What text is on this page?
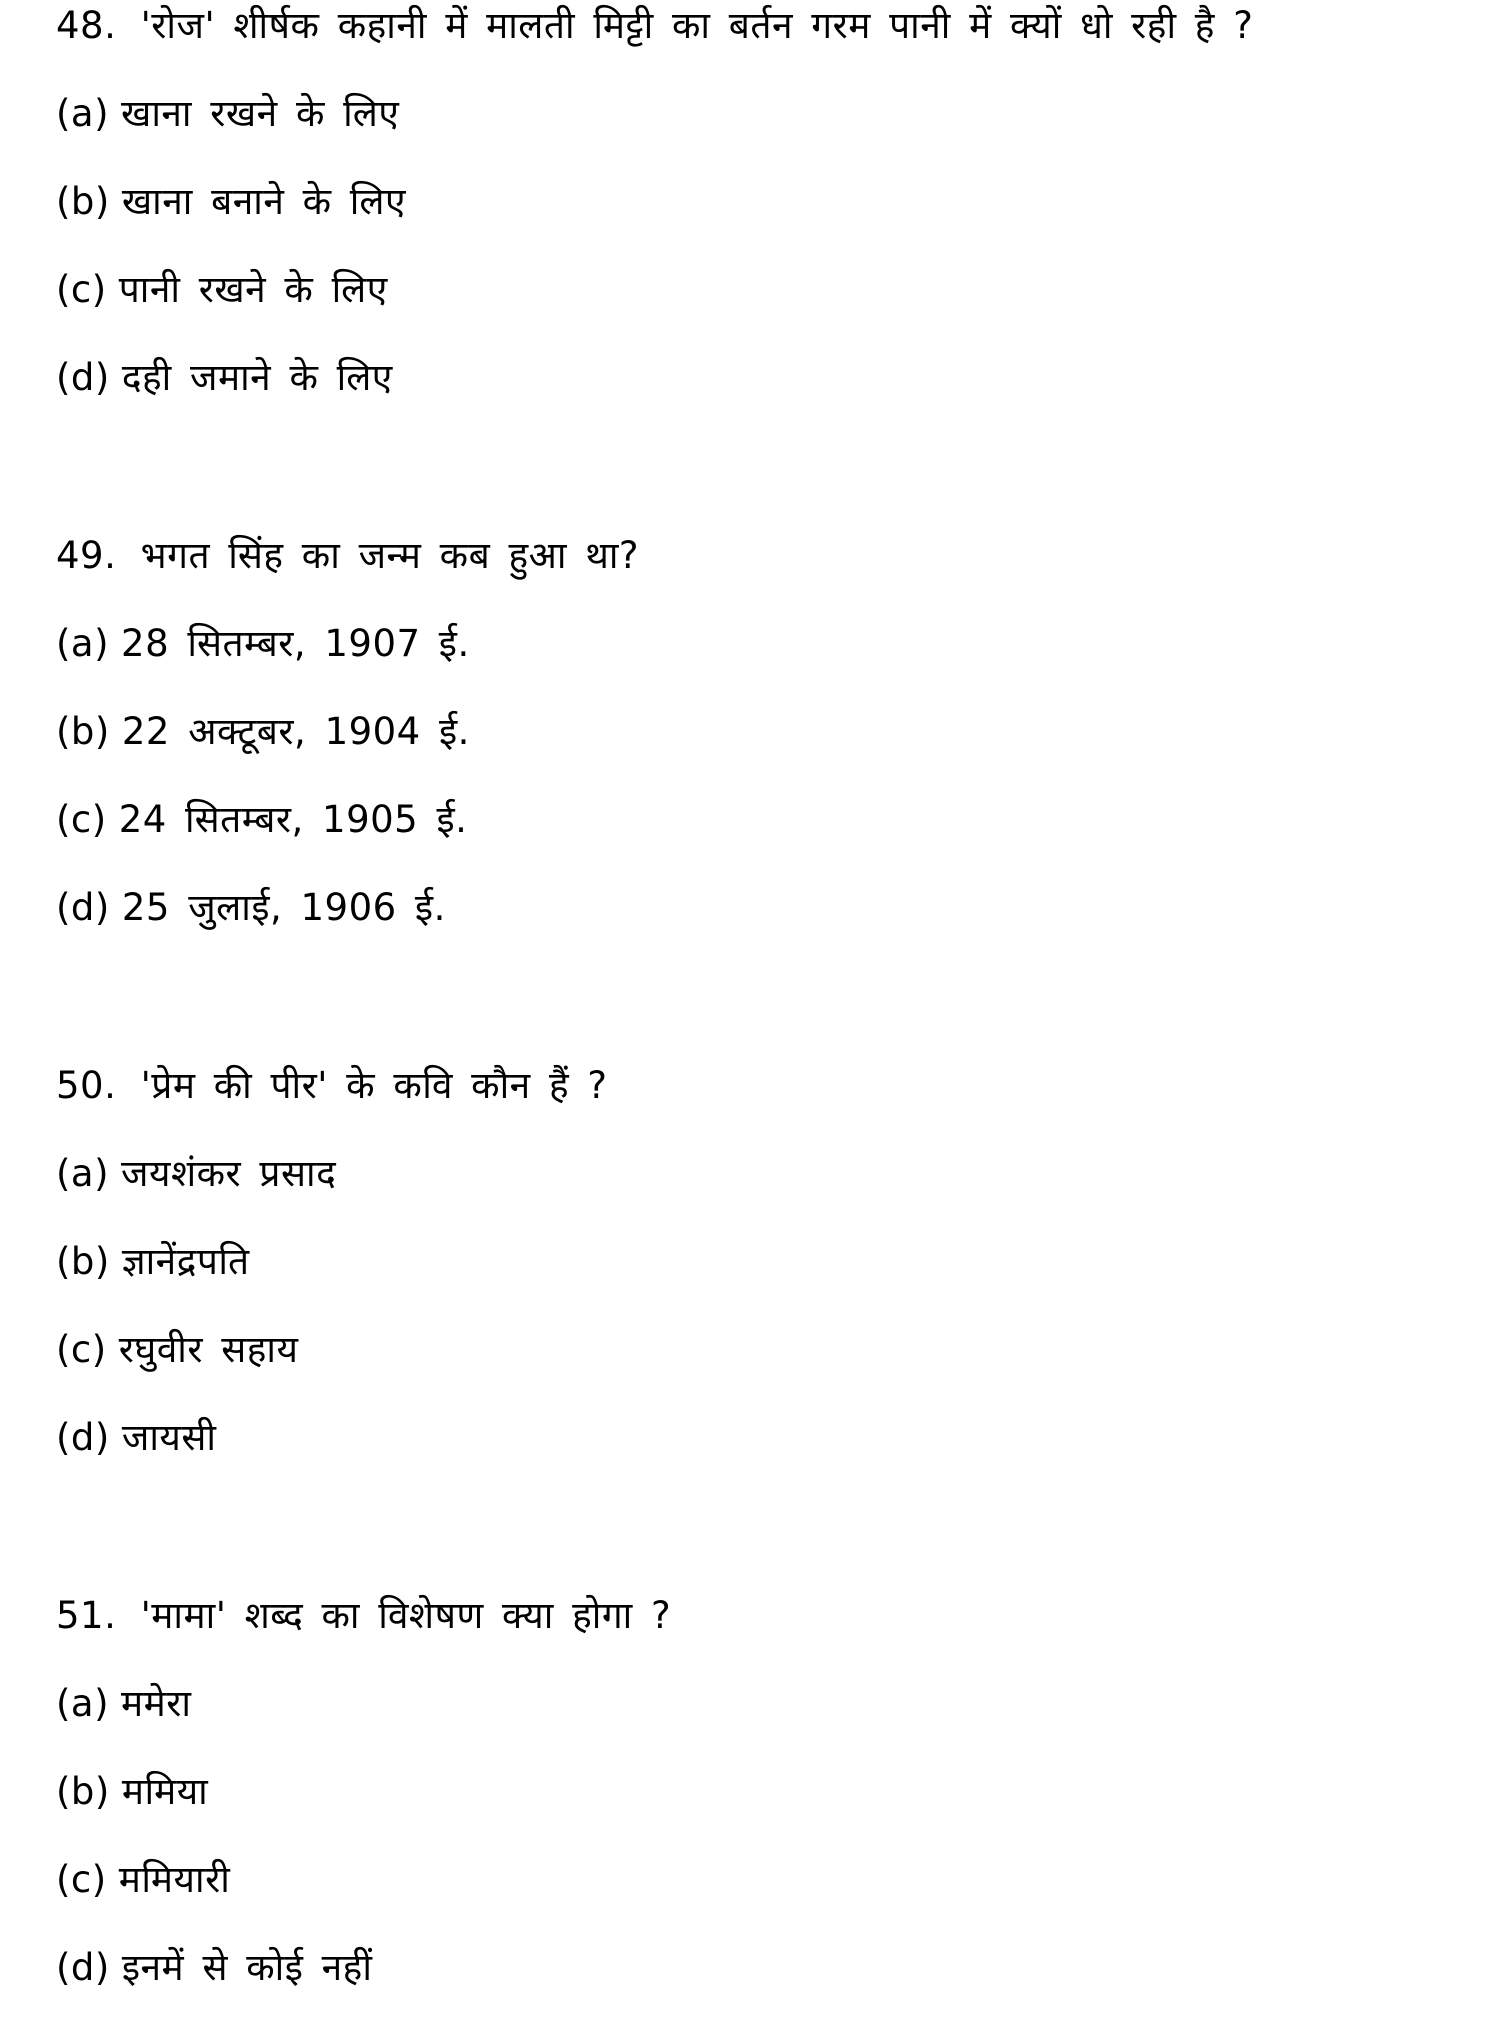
48. 'रोज' शीर्षक कहानी में मालती मिट्टी का बर्तन गरम पानी में क्यों धो रही है ?
(a) खाना रखने के लिए
(b) खाना बनाने के लिए
(c) पानी रखने के लिए
(d) दही जमाने के लिए
49. भगत सिंह का जन्म कब हुआ था?
(a) 28 सितम्बर, 1907 ई.
(b) 22 अक्टूबर, 1904 ई.
(c) 24 सितम्बर, 1905 ई.
(d) 25 जुलाई, 1906 ई.
50. 'प्रेम की पीर' के कवि कौन हैं ?
(a) जयशंकर प्रसाद
(b) ज्ञानेंद्रपति
(c) रघुवीर सहाय
(d) जायसी
51. 'मामा' शब्द का विशेषण क्या होगा ?
(a) ममेरा
(b) ममिया
(c) ममियारी
(d) इनमें से कोई नहीं
